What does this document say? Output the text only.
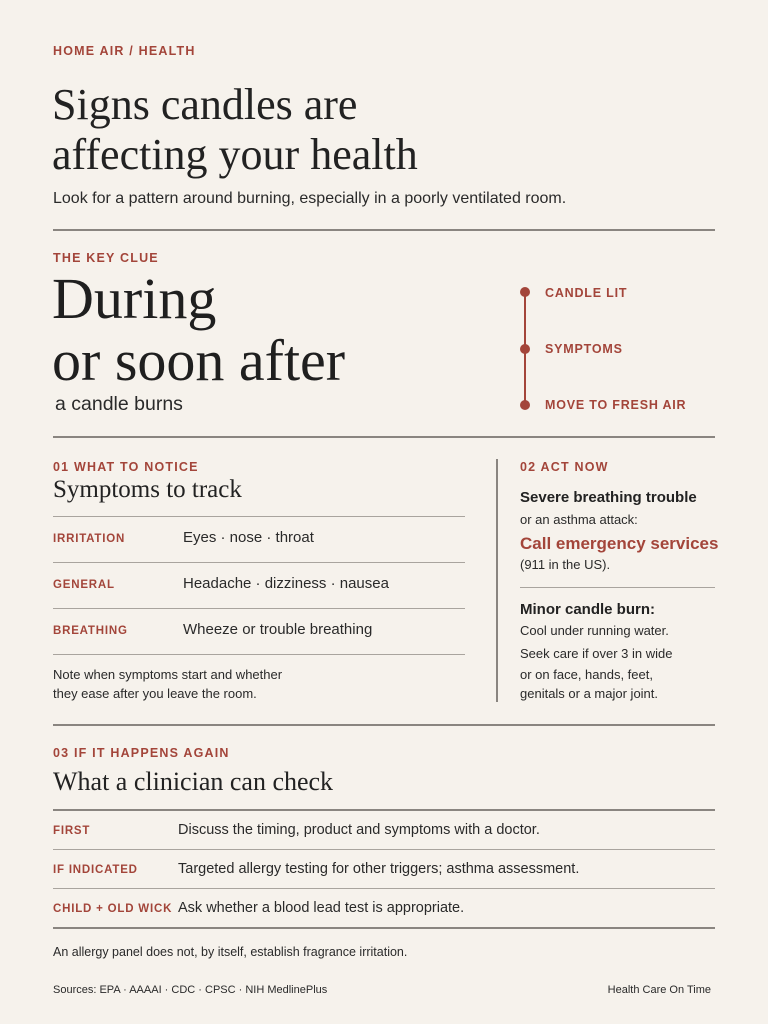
HOME AIR / HEALTH
Signs candles are
affecting your health
Look for a pattern around burning, especially in a poorly ventilated room.
THE KEY CLUE
During
or soon after
a candle burns
CANDLE LIT
SYMPTOMS
MOVE TO FRESH AIR
01 WHAT TO NOTICE
Symptoms to track
IRRITATION	Eyes · nose · throat
GENERAL	Headache · dizziness · nausea
BREATHING	Wheeze or trouble breathing
Note when symptoms start and whether
they ease after you leave the room.
02 ACT NOW
Severe breathing trouble
or an asthma attack:
Call emergency services
(911 in the US).
Minor candle burn:
Cool under running water.
Seek care if over 3 in wide
or on face, hands, feet,
genitals or a major joint.
03 IF IT HAPPENS AGAIN
What a clinician can check
FIRST	Discuss the timing, product and symptoms with a doctor.
IF INDICATED	Targeted allergy testing for other triggers; asthma assessment.
CHILD + OLD WICK Ask whether a blood lead test is appropriate.
An allergy panel does not, by itself, establish fragrance irritation.
Sources: EPA · AAAAI · CDC · CPSC · NIH MedlinePlus	Health Care On Time
